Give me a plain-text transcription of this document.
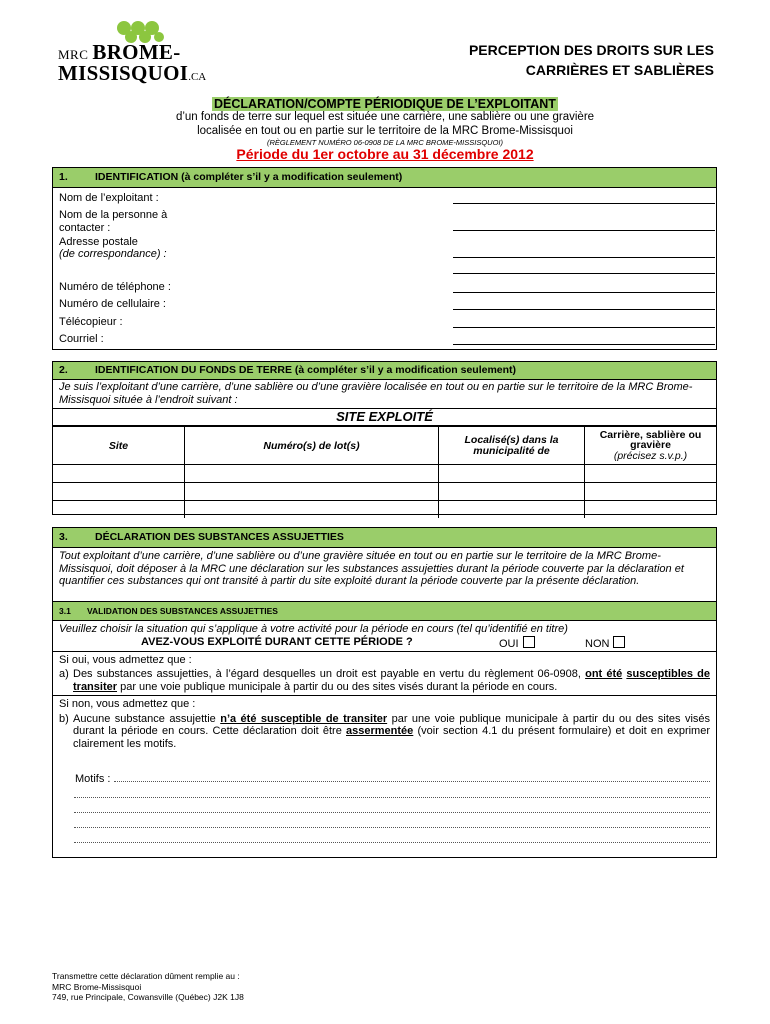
MRC BROME-
MISSISQUOI.CA
PERCEPTION DES DROITS SUR LES
CARRIÈRES ET SABLIÈRES
DÉCLARATION/COMPTE PÉRIODIQUE DE L’EXPLOITANT
d’un fonds de terre sur lequel est située une carrière, une sablière ou une gravière
localisée en tout ou en partie sur le territoire de la MRC Brome-Missisquoi
(RÈGLEMENT NUMÉRO 06-0908 DE LA MRC BROME-MISSISQUOI)
Période du 1er octobre au 31 décembre 2012
1.	IDENTIFICATION (à compléter s’il y a modification seulement)
Nom de l’exploitant :
Nom de la personne à contacter :
Adresse postale
(de correspondance) :
Numéro de téléphone :
Numéro de cellulaire :
Télécopieur :
Courriel :
2.	IDENTIFICATION DU FONDS DE TERRE (à compléter s’il y a modification seulement)
Je suis l’exploitant d’une carrière, d’une sablière ou d’une gravière localisée en tout ou en partie sur le territoire de la MRC Brome-Missisquoi située à l’endroit suivant :
SITE EXPLOITÉ
Site	Numéro(s) de lot(s)	Localisé(s) dans la municipalité de	Carrière, sablière ou gravière
(précisez s.v.p.)

3.	DÉCLARATION DES SUBSTANCES ASSUJETTIES
Tout exploitant d’une carrière, d’une sablière ou d’une gravière située en tout ou en partie sur le territoire de la MRC Brome-Missisquoi, doit déposer à la MRC une déclaration sur les substances assujetties durant la période couverte par la déclaration et quantifier ces substances qui ont transité à partir du site exploité durant la période couverte par la présente déclaration.
3.1 VALIDATION DES SUBSTANCES ASSUJETTIES
Veuillez choisir la situation qui s’applique à votre activité pour la période en cours (tel qu’identifié en titre)
AVEZ-VOUS EXPLOITÉ DURANT CETTE PÉRIODE ?	OUI	NON
Si oui, vous admettez que :
a) Des substances assujetties, à l’égard desquelles un droit est payable en vertu du règlement 06-0908, ont été susceptibles de transiter par une voie publique municipale à partir du ou des sites visés durant la période en cours.
Si non, vous admettez que :
b) Aucune substance assujettie n’a été susceptible de transiter par une voie publique municipale à partir du ou des sites visés durant la période en cours. Cette déclaration doit être assermentée (voir section 4.1 du présent formulaire) et doit en exprimer clairement les motifs.
Motifs :
Transmettre cette déclaration dûment remplie au :
MRC Brome-Missisquoi
749, rue Principale, Cowansville (Québec) J2K 1J8
